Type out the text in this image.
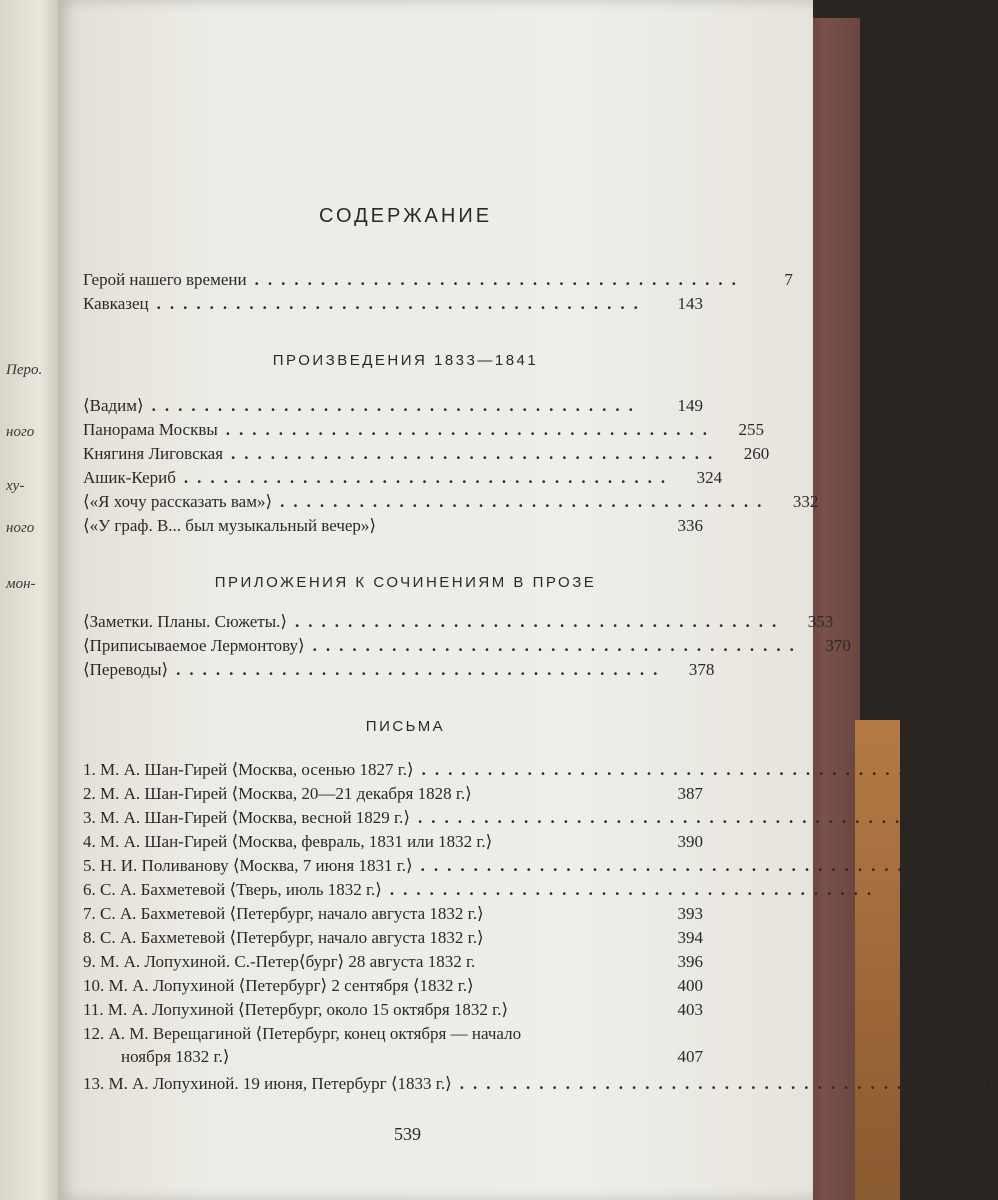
Перо.
ного
ху-
ного
мон-
СОДЕРЖАНИЕ
Герой нашего времени .....................................	7
Кавказец .....................................	143
ПРОИЗВЕДЕНИЯ 1833—1841
⟨Вадим⟩ .....................................	149
Панорама Москвы .....................................	255
Княгиня Лиговская .....................................	260
Ашик-Кериб .....................................	324
⟨«Я хочу рассказать вам»⟩ .....................................	332
⟨«У граф. В... был музыкальный вечер»⟩	336
ПРИЛОЖЕНИЯ К СОЧИНЕНИЯМ В ПРОЗЕ
⟨Заметки. Планы. Сюжеты.⟩ .....................................	353
⟨Приписываемое Лермонтову⟩ .....................................	370
⟨Переводы⟩ .....................................	378
ПИСЬМА
1. М. А. Шан-Гирей ⟨Москва, осенью 1827 г.⟩ .....................................	387
2. М. А. Шан-Гирей ⟨Москва, 20—21 декабря 1828 г.⟩	387
3. М. А. Шан-Гирей ⟨Москва, весной 1829 г.⟩ .....................................	389
4. М. А. Шан-Гирей ⟨Москва, февраль, 1831 или 1832 г.⟩	390
5. Н. И. Поливанову ⟨Москва, 7 июня 1831 г.⟩ .....................................	392
6. С. А. Бахметевой ⟨Тверь, июль 1832 г.⟩ .....................................	392
7. С. А. Бахметевой ⟨Петербург, начало августа 1832 г.⟩	393
8. С. А. Бахметевой ⟨Петербург, начало августа 1832 г.⟩	394
9. М. А. Лопухиной. С.-Петер⟨бург⟩ 28 августа 1832 г.	396
10. М. А. Лопухиной ⟨Петербург⟩ 2 сентября ⟨1832 г.⟩	400
11. М. А. Лопухиной ⟨Петербург, около 15 октября 1832 г.⟩	403
12. А. М. Верещагиной ⟨Петербург, конец октября — начало
ноября 1832 г.⟩	407
13. М. А. Лопухиной. 19 июня, Петербург ⟨1833 г.⟩ .....................................	410
539
